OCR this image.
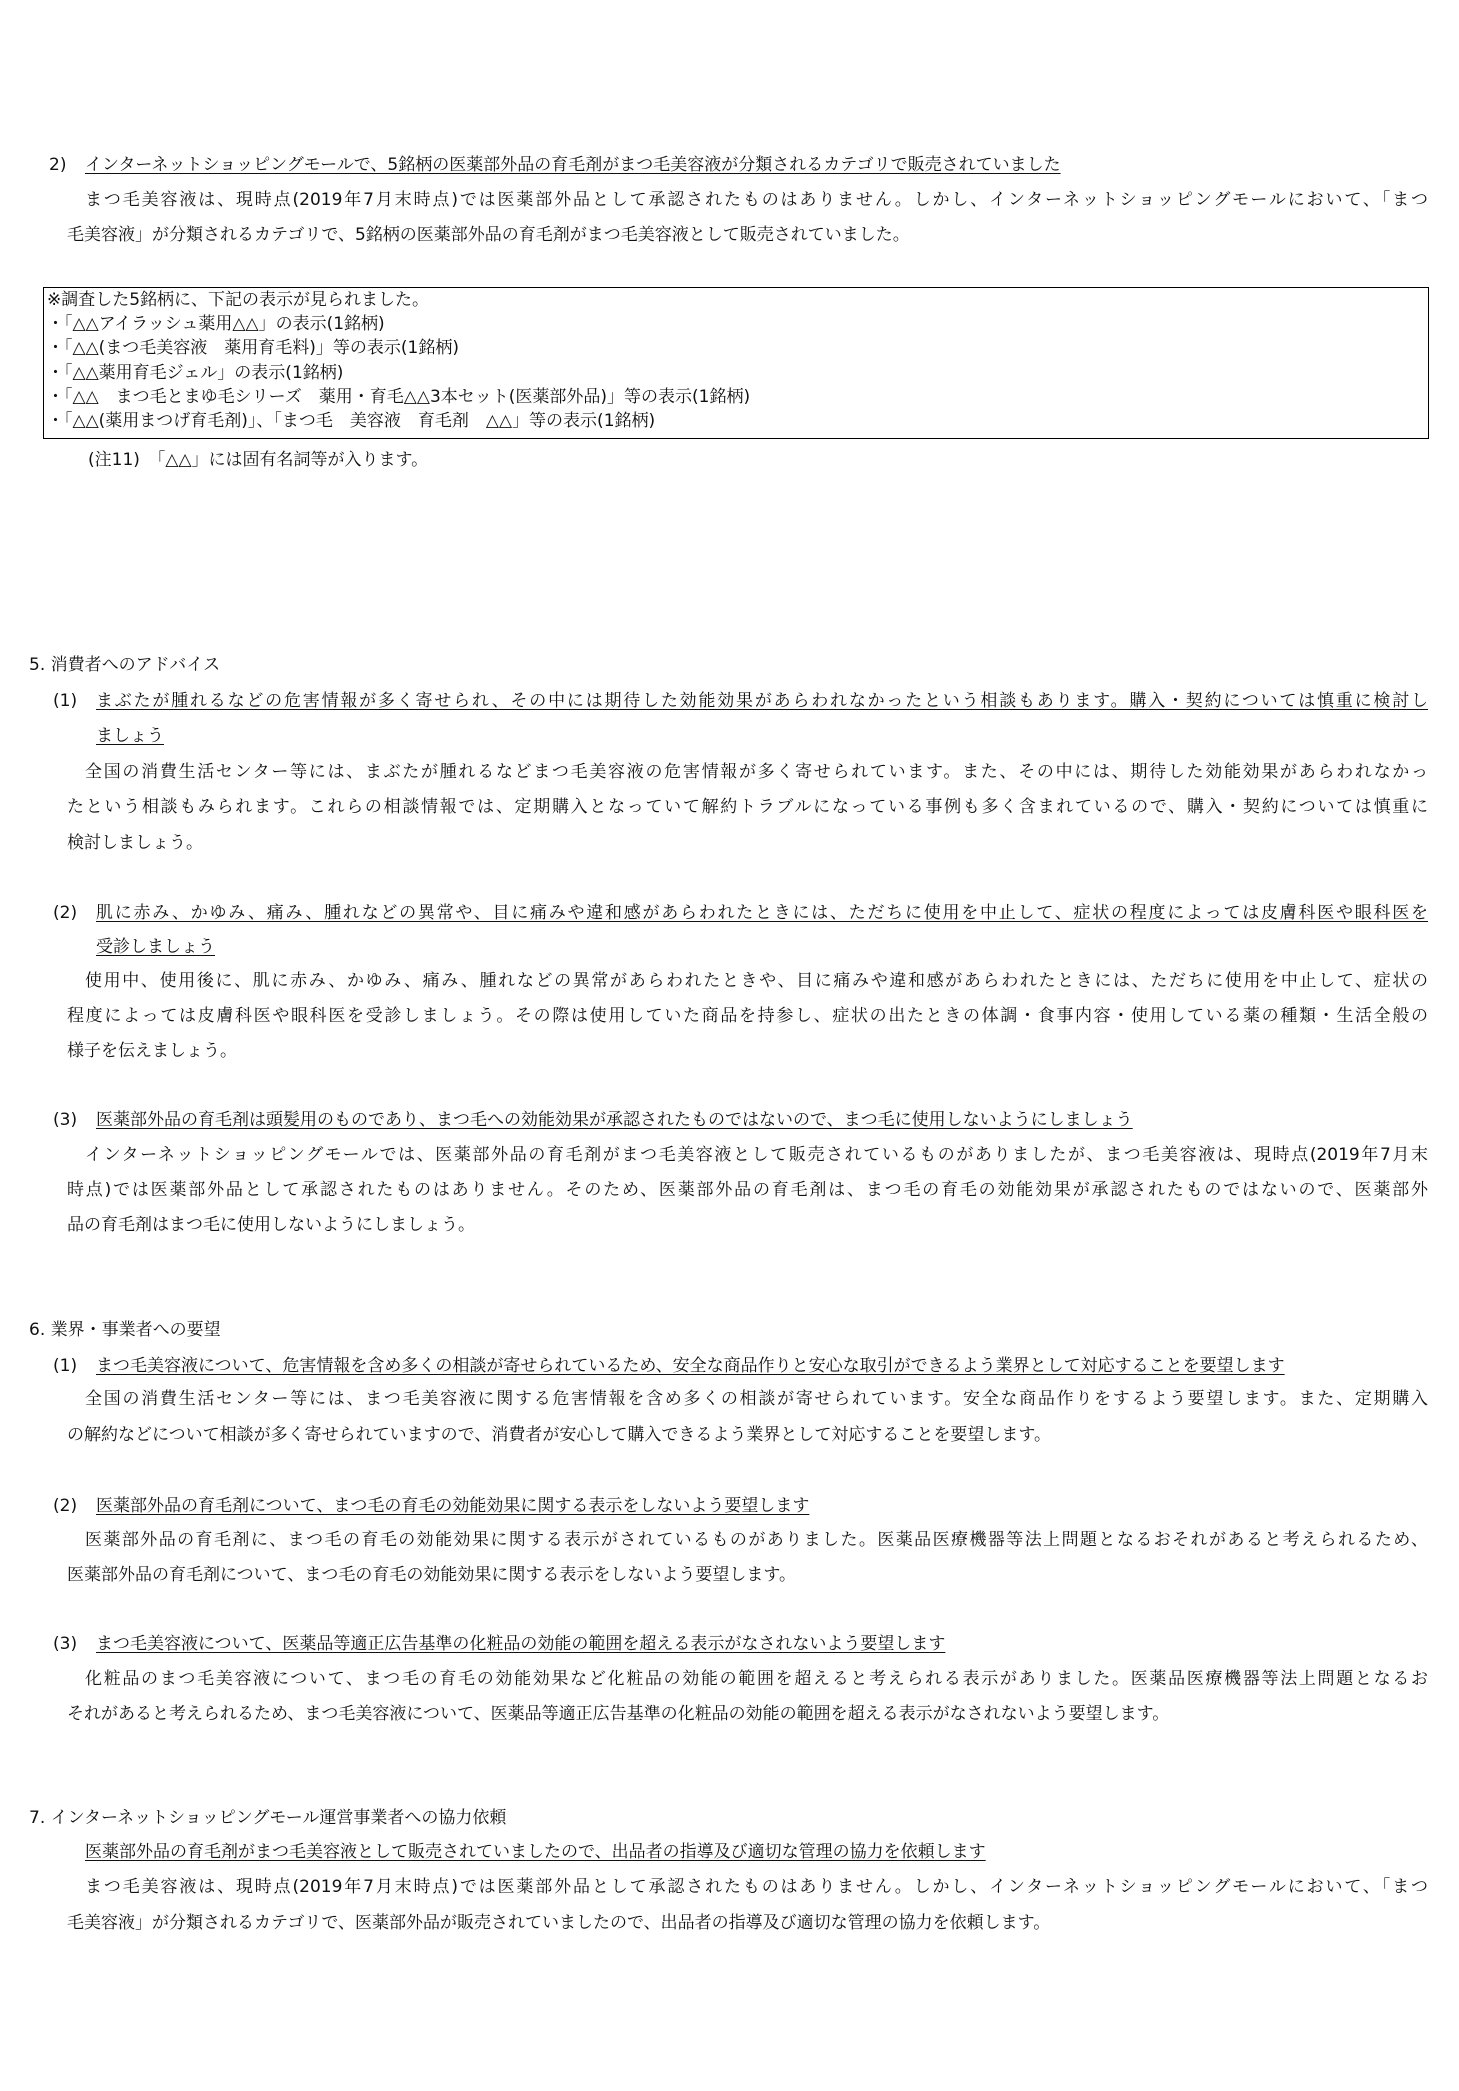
2) インターネットショッピングモールで、5銘柄の医薬部外品の育毛剤がまつ毛美容液が分類されるカテゴリで販売されていました
まつ毛美容液は、現時点(2019年7月末時点)では医薬部外品として承認されたものはありません。しかし、インターネットショッピングモールにおいて、「まつ
毛美容液」が分類されるカテゴリで、5銘柄の医薬部外品の育毛剤がまつ毛美容液として販売されていました。
※調査した5銘柄に、下記の表示が見られました。
・「△△アイラッシュ薬用△△」の表示(1銘柄)
・「△△(まつ毛美容液　薬用育毛料)」等の表示(1銘柄)
・「△△薬用育毛ジェル」の表示(1銘柄)
・「△△　まつ毛とまゆ毛シリーズ　薬用・育毛△△3本セット(医薬部外品)」等の表示(1銘柄)
・「△△(薬用まつげ育毛剤)」、「まつ毛　美容液　育毛剤　△△」等の表示(1銘柄)
(注11)　「△△」には固有名詞等が入ります。
5. 消費者へのアドバイス
(1) まぶたが腫れるなどの危害情報が多く寄せられ、その中には期待した効能効果があらわれなかったという相談もあります。購入・契約については慎重に検討し
ましょう
全国の消費生活センター等には、まぶたが腫れるなどまつ毛美容液の危害情報が多く寄せられています。また、その中には、期待した効能効果があらわれなかっ
たという相談もみられます。これらの相談情報では、定期購入となっていて解約トラブルになっている事例も多く含まれているので、購入・契約については慎重に
検討しましょう。
(2) 肌に赤み、かゆみ、痛み、腫れなどの異常や、目に痛みや違和感があらわれたときには、ただちに使用を中止して、症状の程度によっては皮膚科医や眼科医を
受診しましょう
使用中、使用後に、肌に赤み、かゆみ、痛み、腫れなどの異常があらわれたときや、目に痛みや違和感があらわれたときには、ただちに使用を中止して、症状の
程度によっては皮膚科医や眼科医を受診しましょう。その際は使用していた商品を持参し、症状の出たときの体調・食事内容・使用している薬の種類・生活全般の
様子を伝えましょう。
(3) 医薬部外品の育毛剤は頭髪用のものであり、まつ毛への効能効果が承認されたものではないので、まつ毛に使用しないようにしましょう
インターネットショッピングモールでは、医薬部外品の育毛剤がまつ毛美容液として販売されているものがありましたが、まつ毛美容液は、現時点(2019年7月末
時点)では医薬部外品として承認されたものはありません。そのため、医薬部外品の育毛剤は、まつ毛の育毛の効能効果が承認されたものではないので、医薬部外
品の育毛剤はまつ毛に使用しないようにしましょう。
6. 業界・事業者への要望
(1) まつ毛美容液について、危害情報を含め多くの相談が寄せられているため、安全な商品作りと安心な取引ができるよう業界として対応することを要望します
全国の消費生活センター等には、まつ毛美容液に関する危害情報を含め多くの相談が寄せられています。安全な商品作りをするよう要望します。また、定期購入
の解約などについて相談が多く寄せられていますので、消費者が安心して購入できるよう業界として対応することを要望します。
(2) 医薬部外品の育毛剤について、まつ毛の育毛の効能効果に関する表示をしないよう要望します
医薬部外品の育毛剤に、まつ毛の育毛の効能効果に関する表示がされているものがありました。医薬品医療機器等法上問題となるおそれがあると考えられるため、
医薬部外品の育毛剤について、まつ毛の育毛の効能効果に関する表示をしないよう要望します。
(3) まつ毛美容液について、医薬品等適正広告基準の化粧品の効能の範囲を超える表示がなされないよう要望します
化粧品のまつ毛美容液について、まつ毛の育毛の効能効果など化粧品の効能の範囲を超えると考えられる表示がありました。医薬品医療機器等法上問題となるお
それがあると考えられるため、まつ毛美容液について、医薬品等適正広告基準の化粧品の効能の範囲を超える表示がなされないよう要望します。
7. インターネットショッピングモール運営事業者への協力依頼
医薬部外品の育毛剤がまつ毛美容液として販売されていましたので、出品者の指導及び適切な管理の協力を依頼します
まつ毛美容液は、現時点(2019年7月末時点)では医薬部外品として承認されたものはありません。しかし、インターネットショッピングモールにおいて、「まつ
毛美容液」が分類されるカテゴリで、医薬部外品が販売されていましたので、出品者の指導及び適切な管理の協力を依頼します。
